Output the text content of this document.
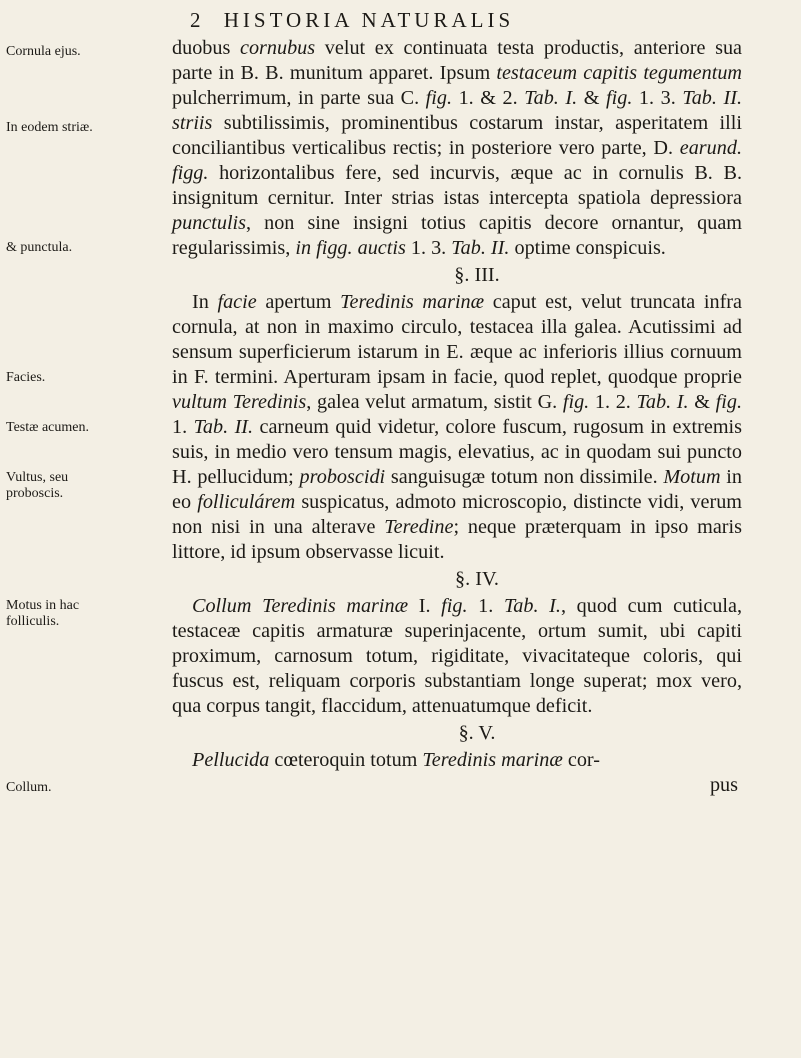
2 HISTORIA NATURALIS
Cornula ejus.
In eodem striæ.
& punctula.
Facies.
Testæ acumen.
Vultus, seu proboscis.
Motus in hac folliculis.
Collum.

duobus cornubus velut ex continuata testa productis, anteriore sua parte in B. B. munitum apparet. Ipsum testaceum capitis tegumentum pulcherrimum, in parte sua C. fig. 1. & 2. Tab. I. & fig. 1. 3. Tab. II. striis subtilissimis, prominentibus costarum instar, asperitatem illi conciliantibus verticalibus rectis; in posteriore vero parte, D. earund. figg. horizontalibus fere, sed incurvis, æque ac in cornulis B. B. insignitum cernitur. Inter strias istas intercepta spatiola depressiora punctulis, non sine insigni totius capitis decore ornantur, quam regularissimis, in figg. auctis 1. 3. Tab. II. optime conspicuis.

§. III.

In facie apertum Teredinis marinæ caput est, velut truncata infra cornula, at non in maximo circulo, testacea illa galea. Acutissimi ad sensum superficierum istarum in E. æque ac inferioris illius cornuum in F. termini. Aperturam ipsam in facie, quod replet, quodque proprie vultum Teredinis, galea velut armatum, sistit G. fig. 1. 2. Tab. I. & fig. 1. Tab. II. carneum quid videtur, colore fuscum, rugosum in extremis suis, in medio vero tensum magis, elevatius, ac in quodam sui puncto H. pellucidum; proboscidi sanguisugæ totum non dissimile. Motum in eo folliculárem suspicatus, admoto microscopio, distincte vidi, verum non nisi in una alterave Teredine; neque præterquam in ipso maris littore, id ipsum observasse licuit.

§. IV.

Collum Teredinis marinæ I. fig. 1. Tab. I., quod cum cuticula, testaceæ capitis armaturæ superinjacente, ortum sumit, ubi capiti proximum, carnosum totum, rigiditate, vivacitateque coloris, qui fuscus est, reliquam corporis substantiam longe superat; mox vero, qua corpus tangit, flaccidum, attenuatumque deficit.

§. V.

Pellucida cœteroquin totum Teredinis marinæ cor-

pus
